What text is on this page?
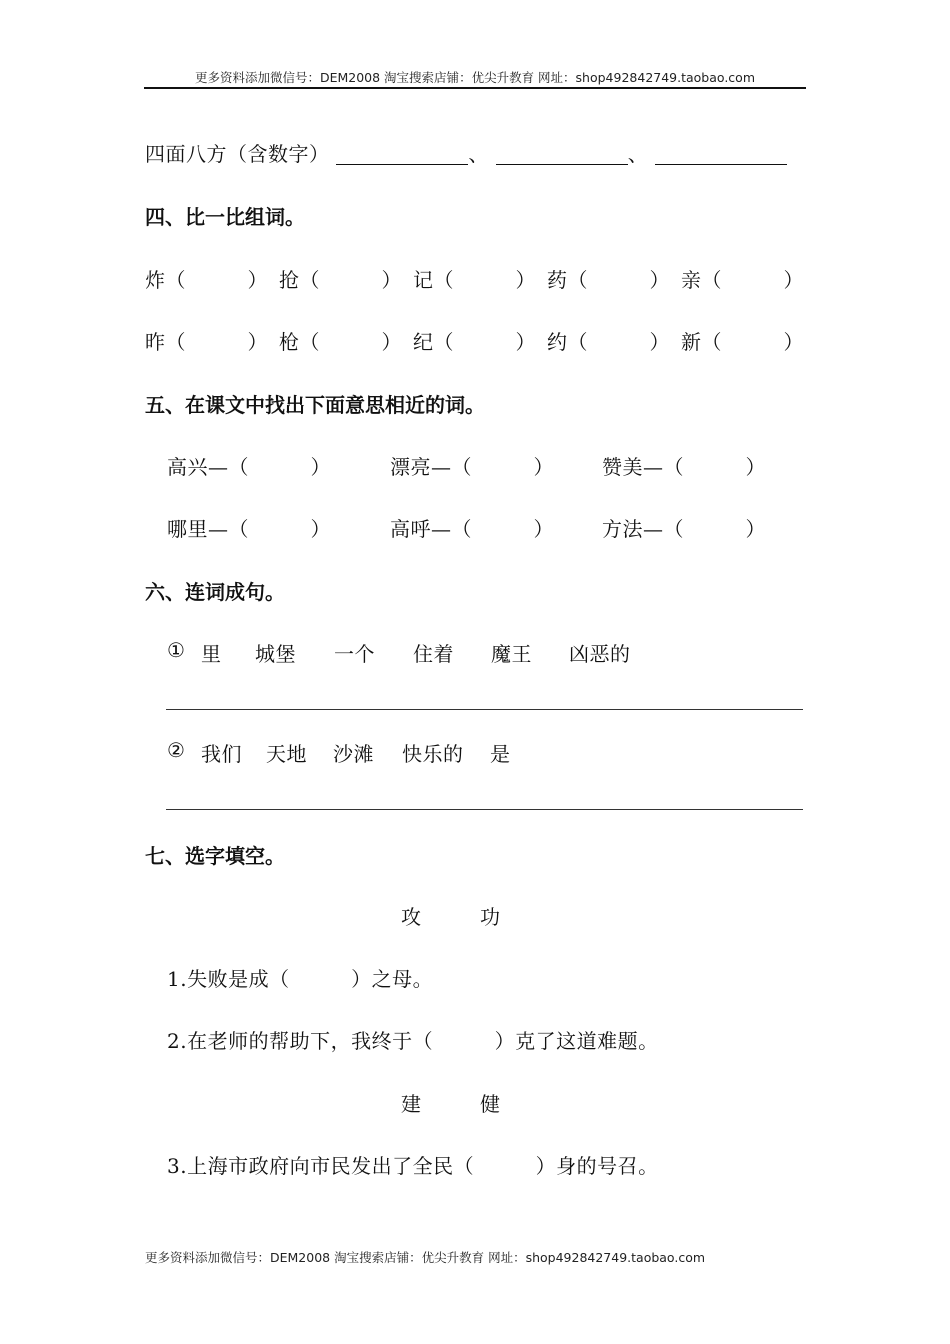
更多资料添加微信号：DEM2008 淘宝搜索店铺：优尖升教育 网址：shop492842749.taobao.com
四面八方（含数字）	、	、
四、比一比组词。
炸（　　　） 抢（　　　） 记（　　　） 药（　　　） 亲（　　　）
昨（　　　） 枪（　　　） 纪（　　　） 约（　　　） 新（　　　）
五、在课文中找出下面意思相近的词。
高兴—（　　　）	漂亮—（　　　） 赞美—（　　　）
哪里—（　　　）	高呼—（　　　） 方法—（　　　）
六、连词成句。
① 里 城堡 一个 住着 魔王 凶恶的
② 我们 天地 沙滩 快乐的 是
七、选字填空。
攻	功
1.失败是成（　　　）之母。
2.在老师的帮助下，我终于（　　　）克了这道难题。
建	健
3.上海市政府向市民发出了全民（　　　）身的号召。
更多资料添加微信号：DEM2008 淘宝搜索店铺：优尖升教育 网址：shop492842749.taobao.com
